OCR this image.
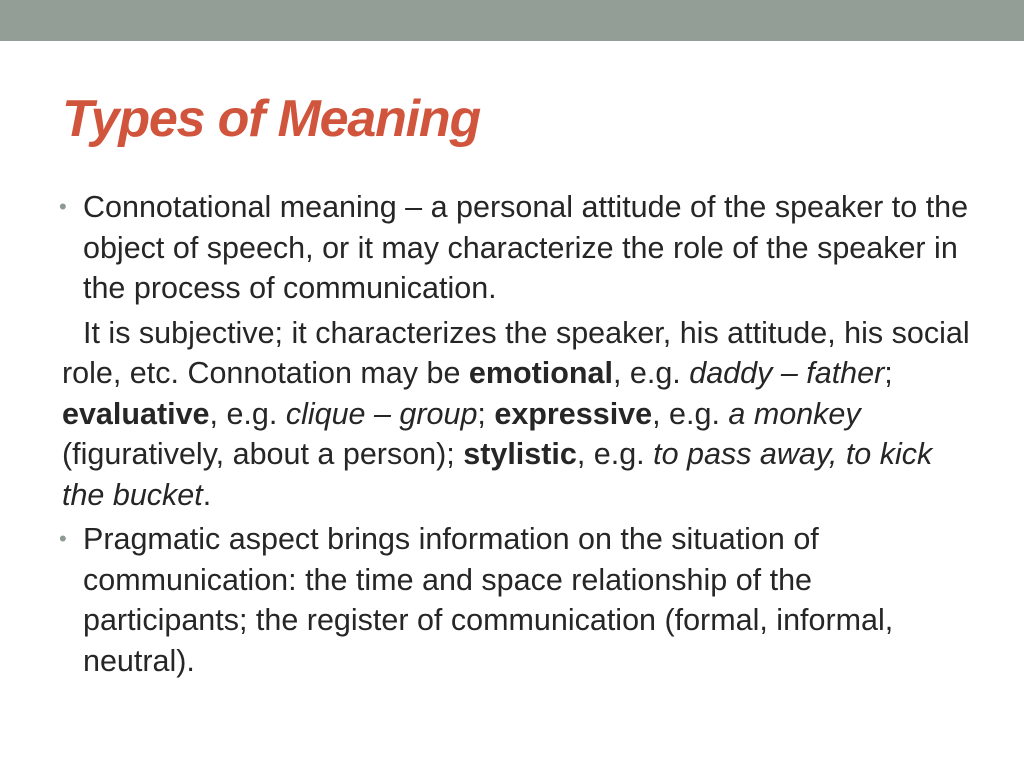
Types of Meaning

• Connotational meaning – a personal attitude of the speaker to the object of speech, or it may characterize the role of the speaker in the process of communication.

It is subjective; it characterizes the speaker, his attitude, his social role, etc. Connotation may be emotional, e.g. daddy – father; evaluative, e.g. clique – group; expressive, e.g. a monkey (figuratively, about a person); stylistic, e.g. to pass away, to kick the bucket.

• Pragmatic aspect brings information on the situation of communication: the time and space relationship of the participants; the register of communication (formal, informal, neutral).
